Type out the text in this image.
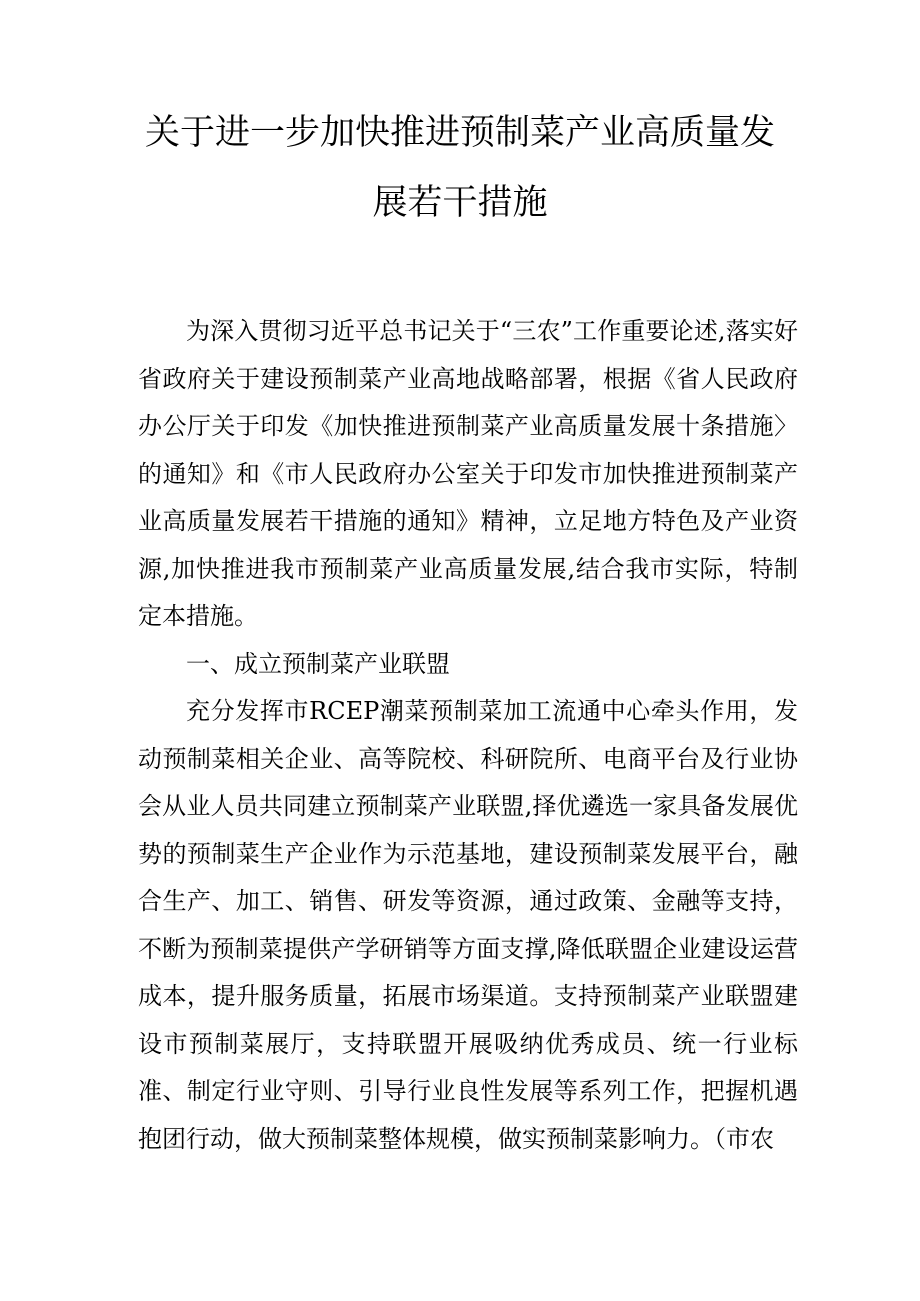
关于进一步加快推进预制菜产业高质量发
展若干措施

为深入贯彻习近平总书记关于“三农”工作重要论述,落实好省政府关于建设预制菜产业高地战略部署，根据《省人民政府办公厅关于印发《加快推进预制菜产业高质量发展十条措施〉的通知》和《市人民政府办公室关于印发市加快推进预制菜产业高质量发展若干措施的通知》精神，立足地方特色及产业资源,加快推进我市预制菜产业高质量发展,结合我市实际，特制定本措施。

一、成立预制菜产业联盟

充分发挥市RCEP潮菜预制菜加工流通中心牵头作用，发动预制菜相关企业、高等院校、科研院所、电商平台及行业协会从业人员共同建立预制菜产业联盟,择优遴选一家具备发展优势的预制菜生产企业作为示范基地，建设预制菜发展平台，融合生产、加工、销售、研发等资源，通过政策、金融等支持，不断为预制菜提供产学研销等方面支撑,降低联盟企业建设运营成本，提升服务质量，拓展市场渠道。支持预制菜产业联盟建设市预制菜展厅，支持联盟开展吸纳优秀成员、统一行业标准、制定行业守则、引导行业良性发展等系列工作，把握机遇抱团行动，做大预制菜整体规模，做实预制菜影响力。（市农
